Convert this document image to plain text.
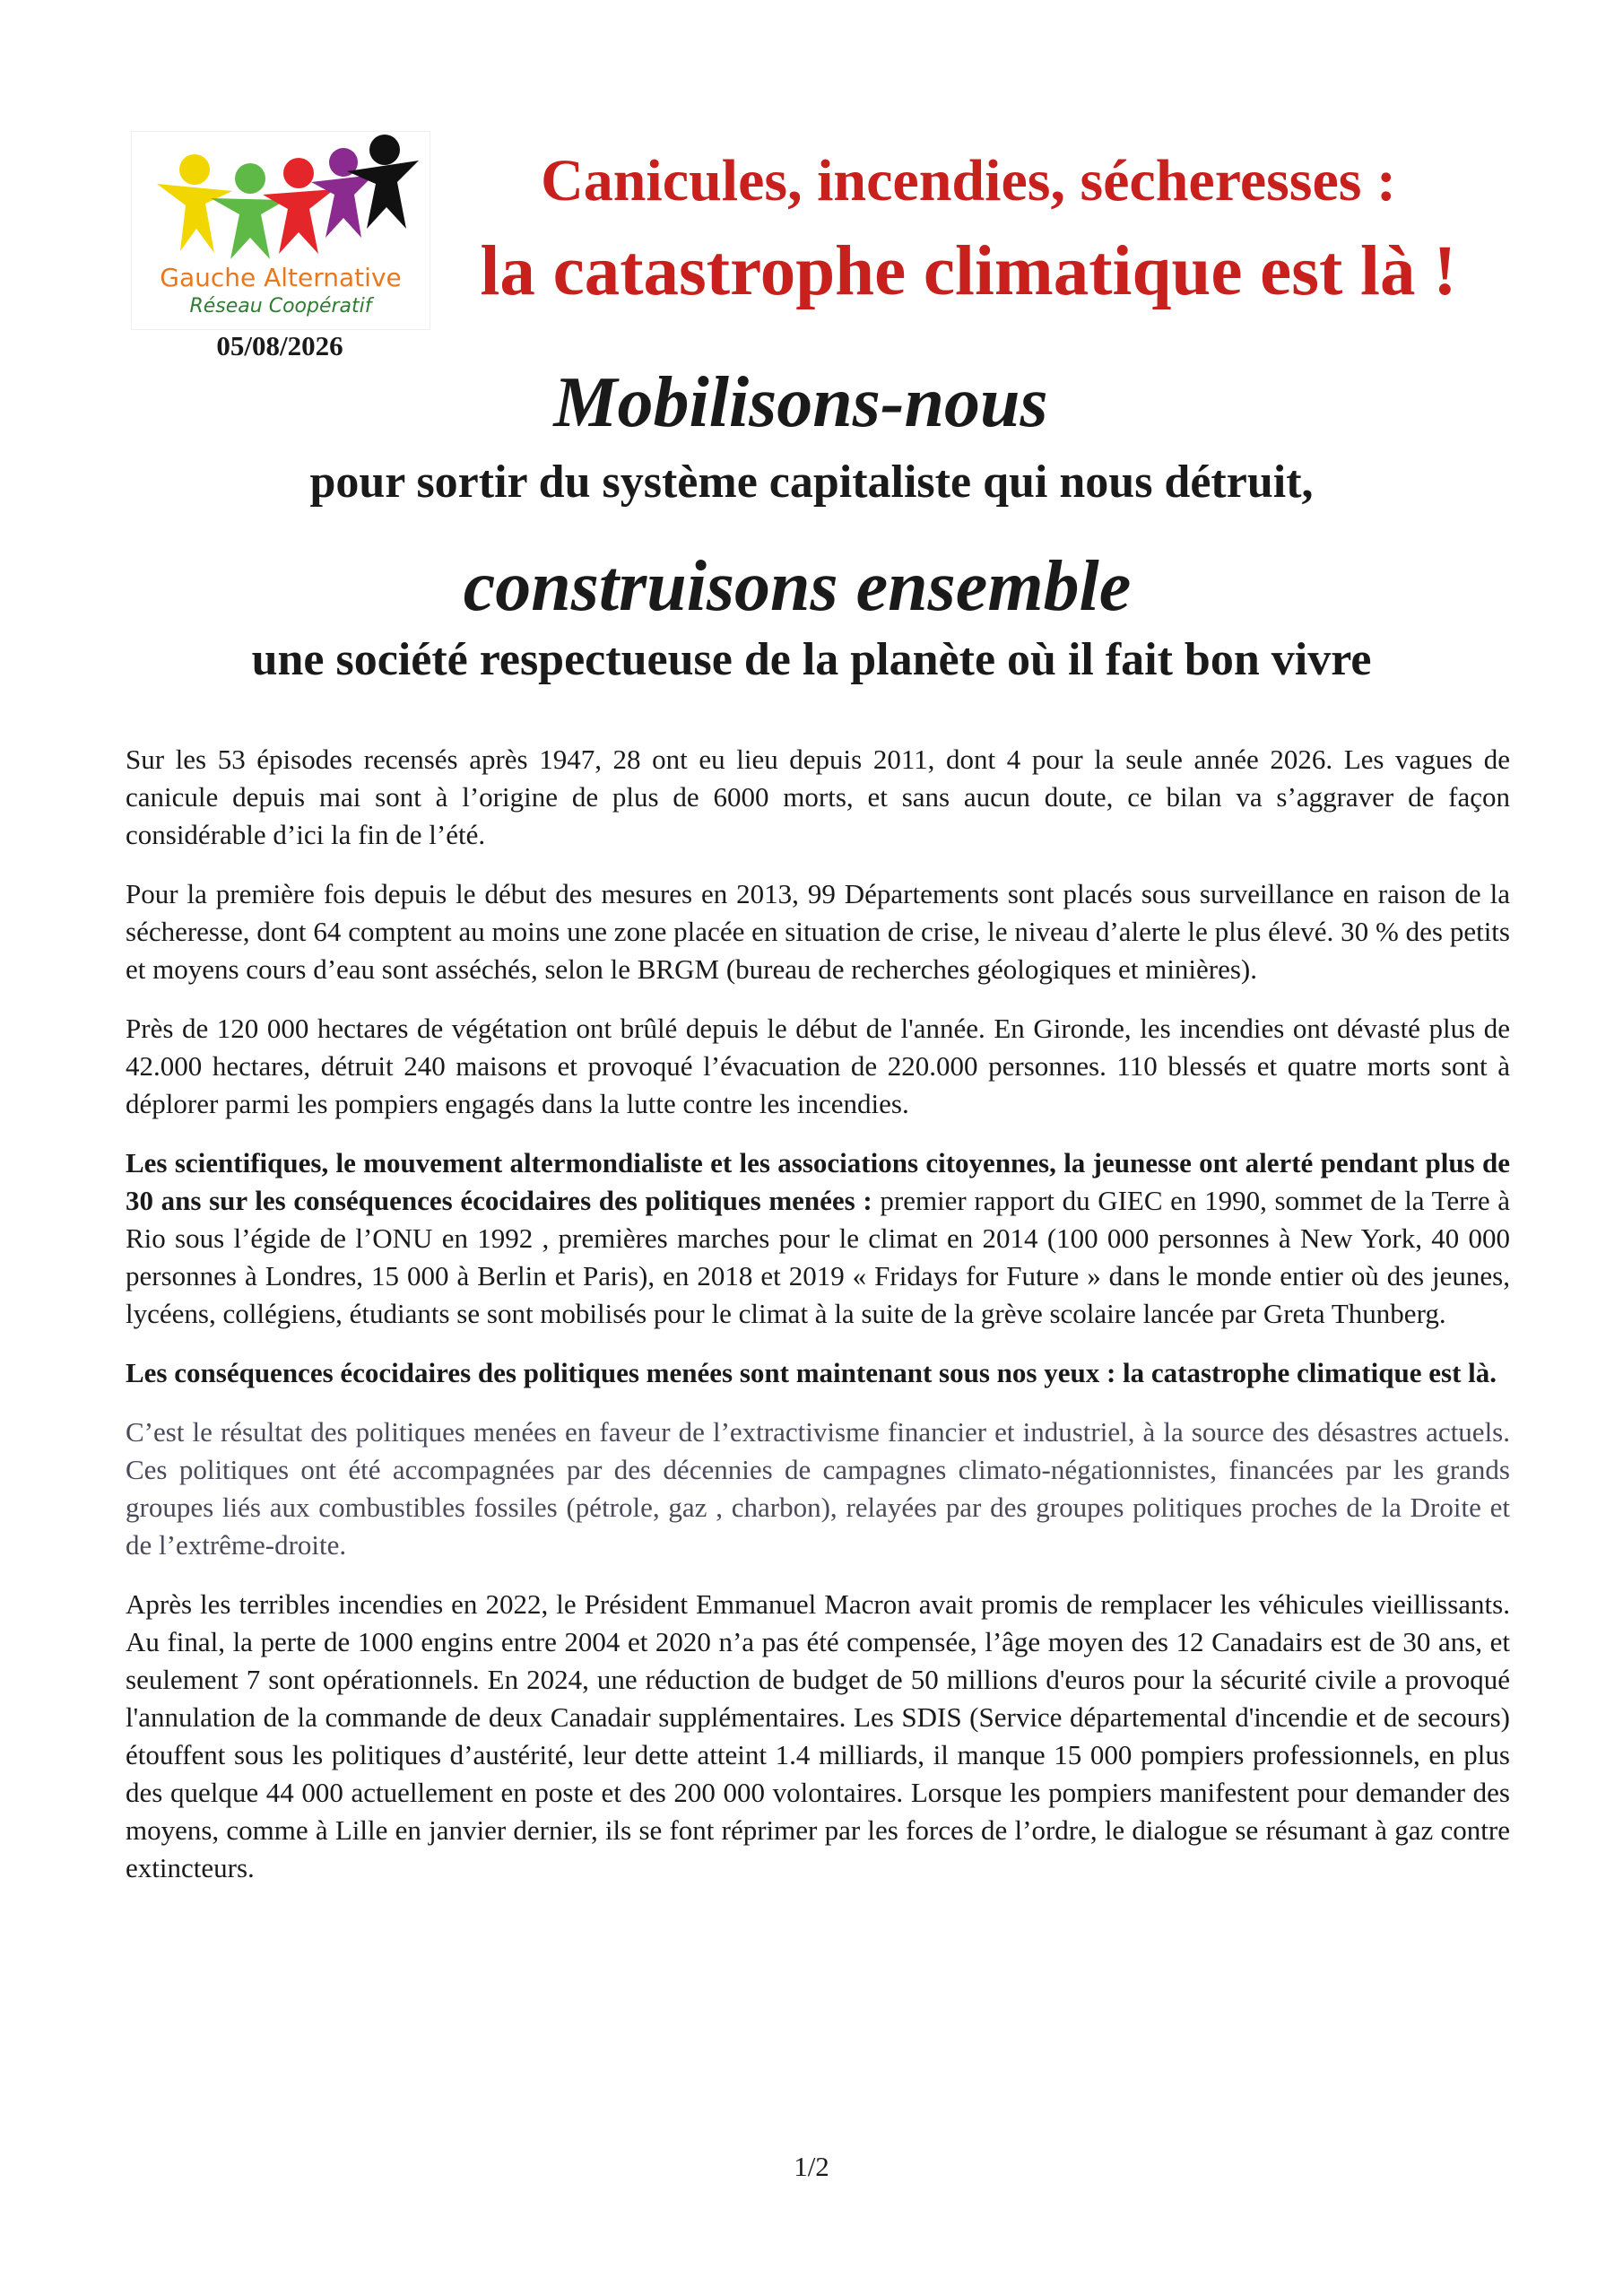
Gauche Alternative
Réseau Coopératif
05/08/2026
Canicules, incendies, sécheresses :
la catastrophe climatique est là !
Mobilisons-nous
pour sortir du système capitaliste qui nous détruit,
construisons ensemble
une société respectueuse de la planète où il fait bon vivre

Sur les 53 épisodes recensés après 1947, 28 ont eu lieu depuis 2011, dont 4 pour la seule année 2026. Les vagues de canicule depuis mai sont à l’origine de plus de 6000 morts, et sans aucun doute, ce bilan va s’aggraver de façon considérable d’ici la fin de l’été.

Pour la première fois depuis le début des mesures en 2013, 99 Départements sont placés sous surveillance en raison de la sécheresse, dont 64 comptent au moins une zone placée en situation de crise, le niveau d’alerte le plus élevé. 30 % des petits et moyens cours d’eau sont asséchés, selon le BRGM (bureau de recherches géologiques et minières).

Près de 120 000 hectares de végétation ont brûlé depuis le début de l'année. En Gironde, les incendies ont dévasté plus de 42.000 hectares, détruit 240 maisons et provoqué l’évacuation de 220.000 personnes. 110 blessés et quatre morts sont à déplorer parmi les pompiers engagés dans la lutte contre les incendies.

Les scientifiques, le mouvement altermondialiste et les associations citoyennes, la jeunesse ont alerté pendant plus de 30 ans sur les conséquences écocidaires des politiques menées : premier rapport du GIEC en 1990, sommet de la Terre à Rio sous l’égide de l’ONU en 1992 , premières marches pour le climat en 2014 (100 000 personnes à New York, 40 000 personnes à Londres, 15 000 à Berlin et Paris), en 2018 et 2019 « Fridays for Future » dans le monde entier où des jeunes, lycéens, collégiens, étudiants se sont mobilisés pour le climat à la suite de la grève scolaire lancée par Greta Thunberg.

Les conséquences écocidaires des politiques menées sont maintenant sous nos yeux : la catastrophe climatique est là.

C’est le résultat des politiques menées en faveur de l’extractivisme financier et industriel, à la source des désastres actuels. Ces politiques ont été accompagnées par des décennies de campagnes climato-négationnistes, financées par les grands groupes liés aux combustibles fossiles (pétrole, gaz , charbon), relayées par des groupes politiques proches de la Droite et de l’extrême-droite.

Après les terribles incendies en 2022, le Président Emmanuel Macron avait promis de remplacer les véhicules vieillissants. Au final, la perte de 1000 engins entre 2004 et 2020 n’a pas été compensée, l’âge moyen des 12 Canadairs est de 30 ans, et seulement 7 sont opérationnels. En 2024, une réduction de budget de 50 millions d'euros pour la sécurité civile a provoqué l'annulation de la commande de deux Canadair supplémentaires. Les SDIS (Service départemental d'incendie et de secours) étouffent sous les politiques d’austérité, leur dette atteint 1.4 milliards, il manque 15 000 pompiers professionnels, en plus des quelque 44 000 actuellement en poste et des 200 000 volontaires. Lorsque les pompiers manifestent pour demander des moyens, comme à Lille en janvier dernier, ils se font réprimer par les forces de l’ordre, le dialogue se résumant à gaz contre extincteurs.

1/2
